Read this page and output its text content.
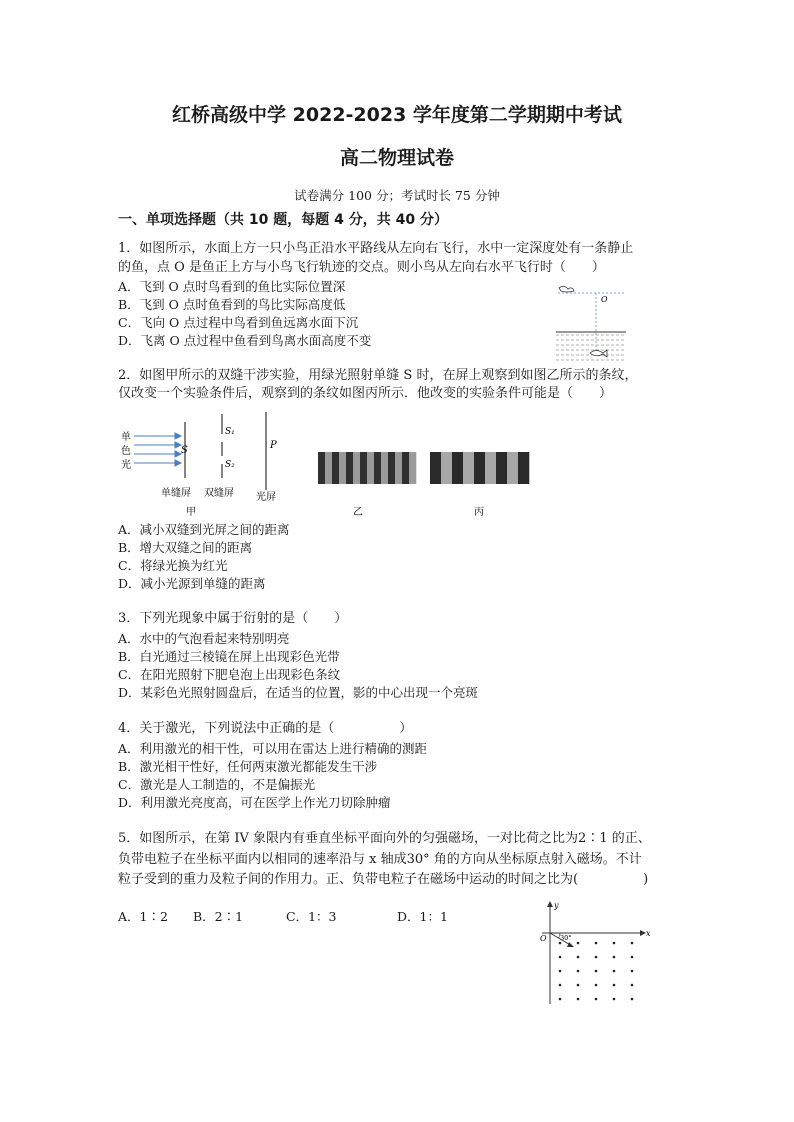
红桥高级中学 2022-2023 学年度第二学期期中考试
高二物理试卷
试卷满分 100 分；考试时长 75 分钟
一、单项选择题（共 10 题，每题 4 分，共 40 分）
1．如图所示，水面上方一只小鸟正沿水平路线从左向右飞行，水中一定深度处有一条静止
的鱼，点 O 是鱼正上方与小鸟飞行轨迹的交点。则小鸟从左向右水平飞行时（　　）
A．飞到 O 点时鸟看到的鱼比实际位置深
B．飞到 O 点时鱼看到的鸟比实际高度低
C．飞向 O 点过程中鸟看到鱼远离水面下沉
D．飞离 O 点过程中鱼看到鸟离水面高度不变
O
2．如图甲所示的双缝干涉实验，用绿光照射单缝 S 时，在屏上观察到如图乙所示的条纹，
仅改变一个实验条件后，观察到的条纹如图丙所示．他改变的实验条件可能是（　　）
单
色
光
S
S₁
S₂
P
单缝屏 双缝屏 光屏
甲	乙	丙
A．减小双缝到光屏之间的距离
B．增大双缝之间的距离
C．将绿光换为红光
D．减小光源到单缝的距离
3．下列光现象中属于衍射的是（　　）
A．水中的气泡看起来特别明亮
B．白光通过三棱镜在屏上出现彩色光带
C．在阳光照射下肥皂泡上出现彩色条纹
D．某彩色光照射圆盘后，在适当的位置，影的中心出现一个亮斑
4．关于激光，下列说法中正确的是（　　　　　）
A．利用激光的相干性，可以用在雷达上进行精确的测距
B．激光相干性好，任何两束激光都能发生干涉
C．激光是人工制造的，不是偏振光
D．利用激光亮度高，可在医学上作光刀切除肿瘤
5．如图所示，在第 IV 象限内有垂直坐标平面向外的匀强磁场，一对比荷之比为2∶1 的正、
负带电粒子在坐标平面内以相同的速率沿与 x 轴成30° 角的方向从坐标原点射入磁场。不计
粒子受到的重力及粒子间的作用力。正、负带电粒子在磁场中运动的时间之比为(　　　　　)
A．1∶2 B．2∶1	C．1：3	D．1：1
y
x
O 30°
